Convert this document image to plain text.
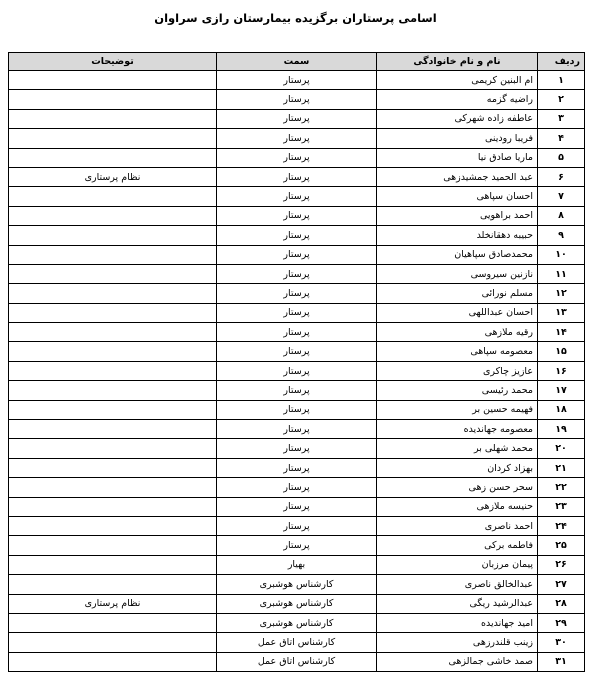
اسامی پرستاران برگزیده بیمارستان رازی سراوان
ردیف	نام و نام خانوادگی	سمت	توضیحات
۱	ام البنین کریمی	پرستار	
۲	راضیه گزمه	پرستار	
۳	عاطفه زاده شهرکی	پرستار	
۴	فریبا رودینی	پرستار	
۵	ماریا صادق نیا	پرستار	
۶	عبد الحمید جمشیدزهی	پرستار	نظام پرستاری
۷	احسان سپاهی	پرستار	
۸	احمد براهویی	پرستار	
۹	حبیبه دهقانخلد	پرستار	
۱۰	محمدصادق سپاهیان	پرستار	
۱۱	نازنین سیروسی	پرستار	
۱۲	مسلم نورائی	پرستار	
۱۳	احسان عبداللهی	پرستار	
۱۴	رقیه ملازهی	پرستار	
۱۵	معصومه سپاهی	پرستار	
۱۶	عازیز چاکری	پرستار	
۱۷	محمد رئیسی	پرستار	
۱۸	فهیمه حسین بر	پرستار	
۱۹	معصومه جهاندیده	پرستار	
۲۰	محمد شهلی بر	پرستار	
۲۱	بهزاد کردان	پرستار	
۲۲	سحر حسن زهی	پرستار	
۲۳	حنیسه ملازهی	پرستار	
۲۴	احمد ناصری	پرستار	
۲۵	فاطمه برکی	پرستار	
۲۶	پیمان مرزبان	بهیار	
۲۷	عبدالخالق ناصری	کارشناس هوشبری	
۲۸	عبدالرشید ریگی	کارشناس هوشبری	نظام پرستاری
۲۹	امید جهاندیده	کارشناس هوشبری	
۳۰	زینب قلندرزهی	کارشناس اتاق عمل	
۳۱	صمد خاشی جمالزهی	کارشناس اتاق عمل	
